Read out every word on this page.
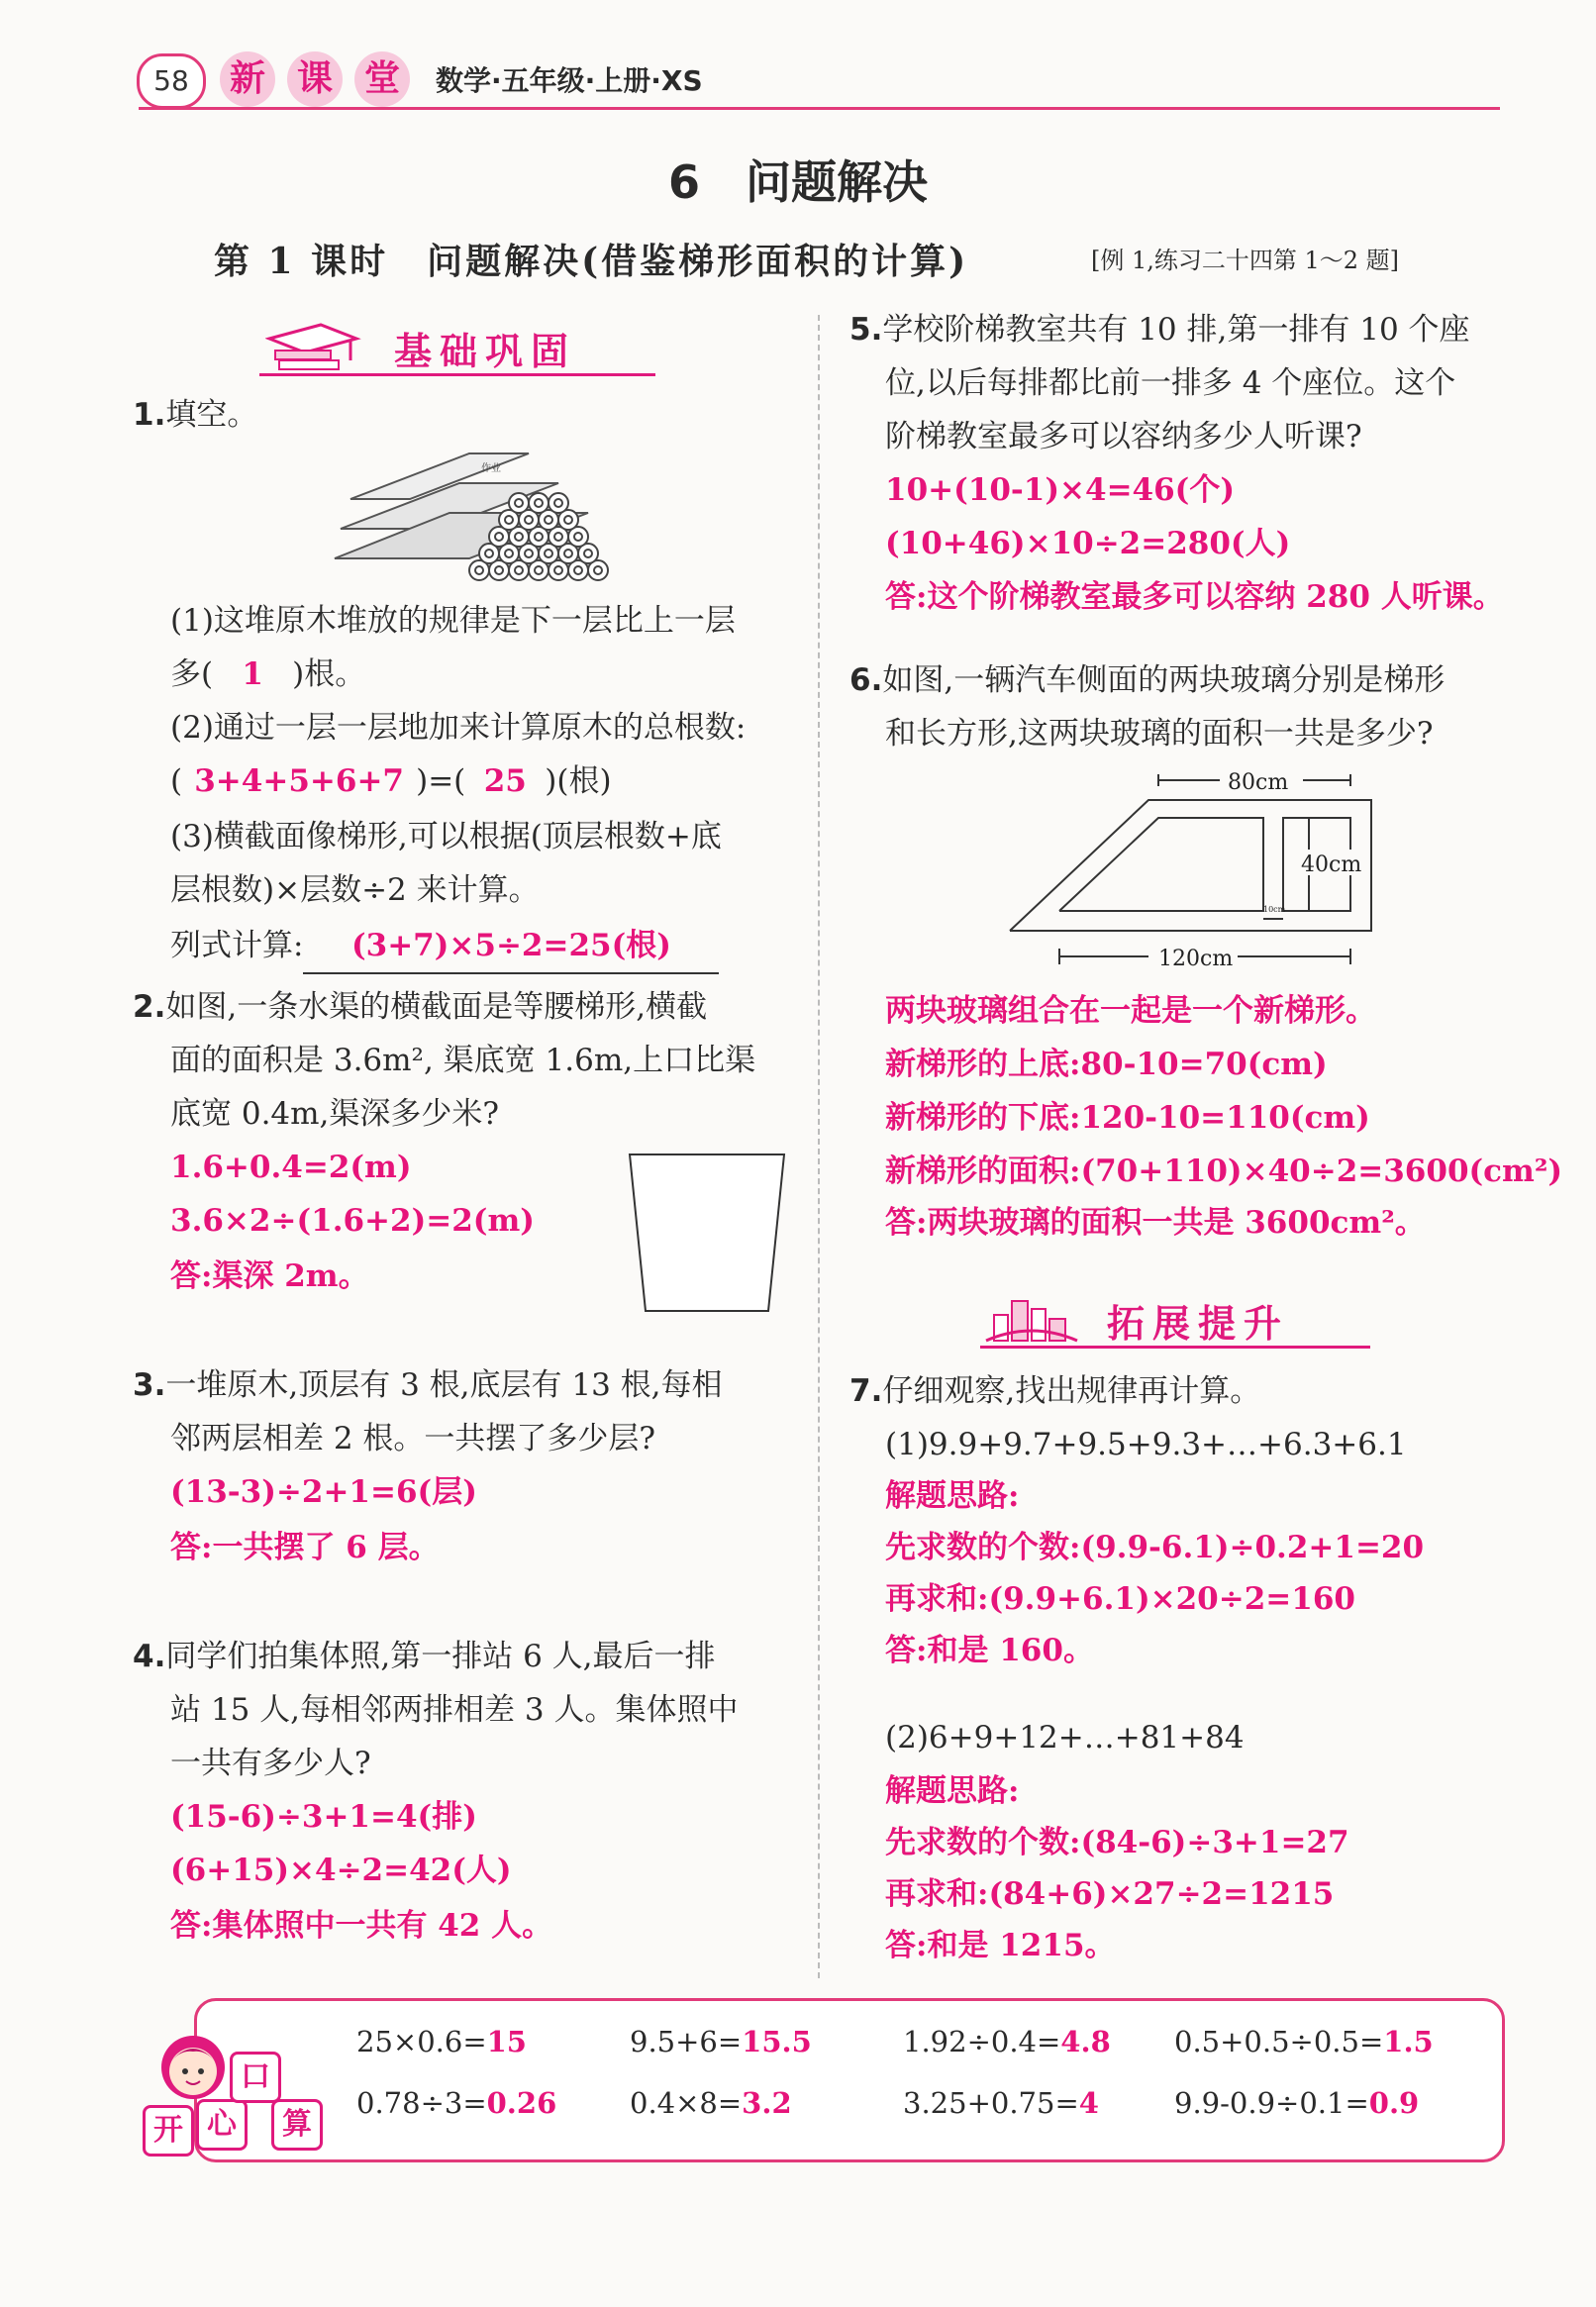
58	新 课 堂	数学·五年级·上册·XS
6　问题解决
第 1 课时　问题解决(借鉴梯形面积的计算)	[例 1,练习二十四第 1～2 题]
基础巩固
1.填空。
作业
(1)这堆原木堆放的规律是下一层比上一层
多( 1 )根。
(2)通过一层一层地加来计算原木的总根数:
( 3+4+5+6+7 )=( 25 )(根)
(3)横截面像梯形,可以根据(顶层根数+底
层根数)×层数÷2 来计算。
列式计算: (3+7)×5÷2=25(根)
2.如图,一条水渠的横截面是等腰梯形,横截
面的面积是 3.6m², 渠底宽 1.6m,上口比渠
底宽 0.4m,渠深多少米?
1.6+0.4=2(m)
3.6×2÷(1.6+2)=2(m)
答:渠深 2m。
3.一堆原木,顶层有 3 根,底层有 13 根,每相
邻两层相差 2 根。一共摆了多少层?
(13-3)÷2+1=6(层)
答:一共摆了 6 层。
4.同学们拍集体照,第一排站 6 人,最后一排
站 15 人,每相邻两排相差 3 人。集体照中
一共有多少人?
(15-6)÷3+1=4(排)
(6+15)×4÷2=42(人)
答:集体照中一共有 42 人。
5.学校阶梯教室共有 10 排,第一排有 10 个座
位,以后每排都比前一排多 4 个座位。这个
阶梯教室最多可以容纳多少人听课?
10+(10-1)×4=46(个)
(10+46)×10÷2=280(人)
答:这个阶梯教室最多可以容纳 280 人听课。
6.如图,一辆汽车侧面的两块玻璃分别是梯形
和长方形,这两块玻璃的面积一共是多少?
80cm
40cm
10cm
120cm
两块玻璃组合在一起是一个新梯形。
新梯形的上底:80-10=70(cm)
新梯形的下底:120-10=110(cm)
新梯形的面积:(70+110)×40÷2=3600(cm²)
答:两块玻璃的面积一共是 3600cm²。
拓展提升
7.仔细观察,找出规律再计算。
(1)9.9+9.7+9.5+9.3+…+6.3+6.1
解题思路:
先求数的个数:(9.9-6.1)÷0.2+1=20
再求和:(9.9+6.1)×20÷2=160
答:和是 160。
(2)6+9+12+…+81+84
解题思路:
先求数的个数:(84-6)÷3+1=27
再求和:(84+6)×27÷2=1215
答:和是 1215。
开 心
口
算
25×0.6=15	9.5+6=15.5	1.92÷0.4=4.8 0.5+0.5÷0.5=1.5
0.78÷3=0.26	0.4×8=3.2	3.25+0.75=4	9.9-0.9÷0.1=0.9
